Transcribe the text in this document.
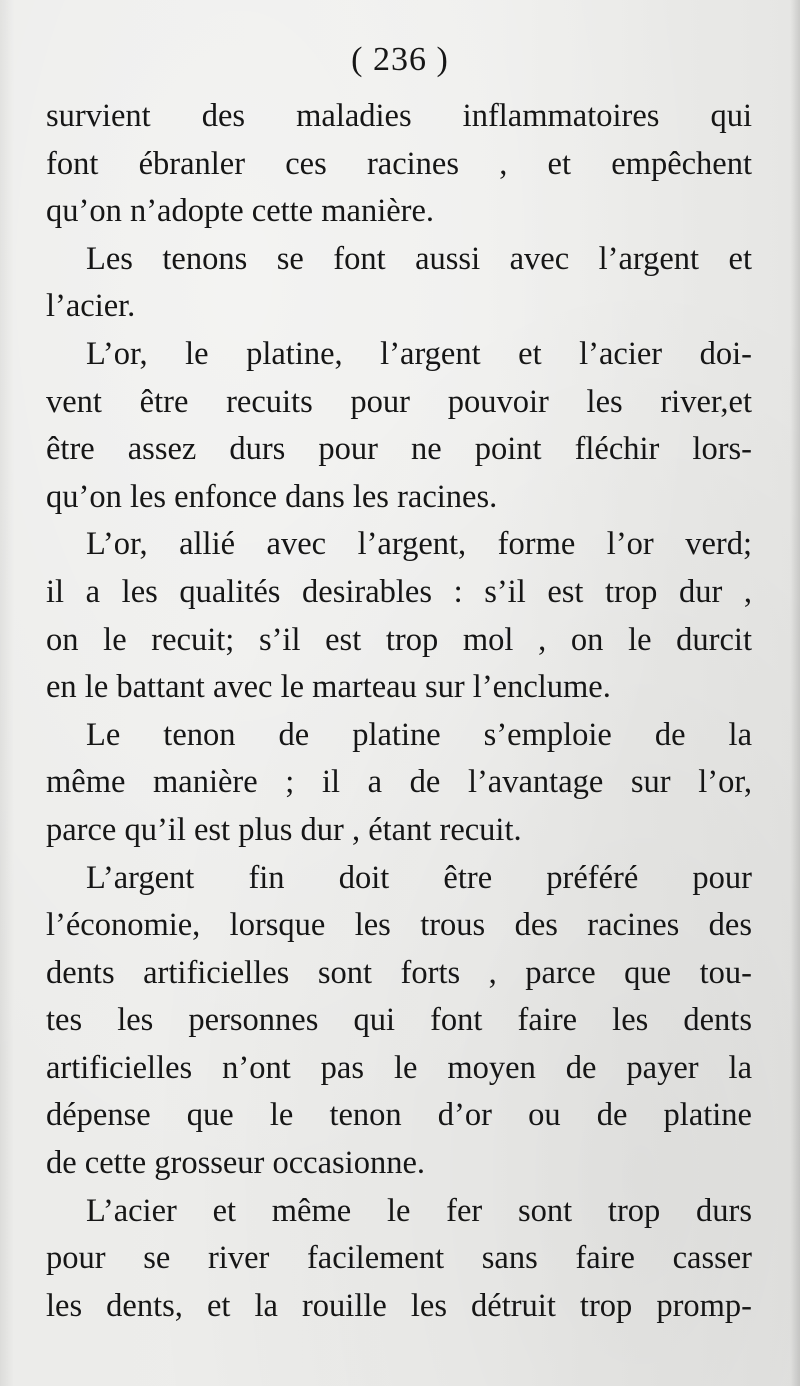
( 236 )
survient des maladies inflammatoires qui
font ébranler ces racines , et empêchent
qu’on n’adopte cette manière.
Les tenons se font aussi avec l’argent et
l’acier.
L’or, le platine, l’argent et l’acier doi-
vent être recuits pour pouvoir les river,et
être assez durs pour ne point fléchir lors-
qu’on les enfonce dans les racines.
L’or, allié avec l’argent, forme l’or verd;
il a les qualités desirables : s’il est trop dur ,
on le recuit; s’il est trop mol , on le durcit
en le battant avec le marteau sur l’enclume.
Le tenon de platine s’emploie de la
même manière ; il a de l’avantage sur l’or,
parce qu’il est plus dur , étant recuit.
L’argent fin doit être préféré pour
l’économie, lorsque les trous des racines des
dents artificielles sont forts , parce que tou-
tes les personnes qui font faire les dents
artificielles n’ont pas le moyen de payer la
dépense que le tenon d’or ou de platine
de cette grosseur occasionne.
L’acier et même le fer sont trop durs
pour se river facilement sans faire casser
les dents, et la rouille les détruit trop promp-
